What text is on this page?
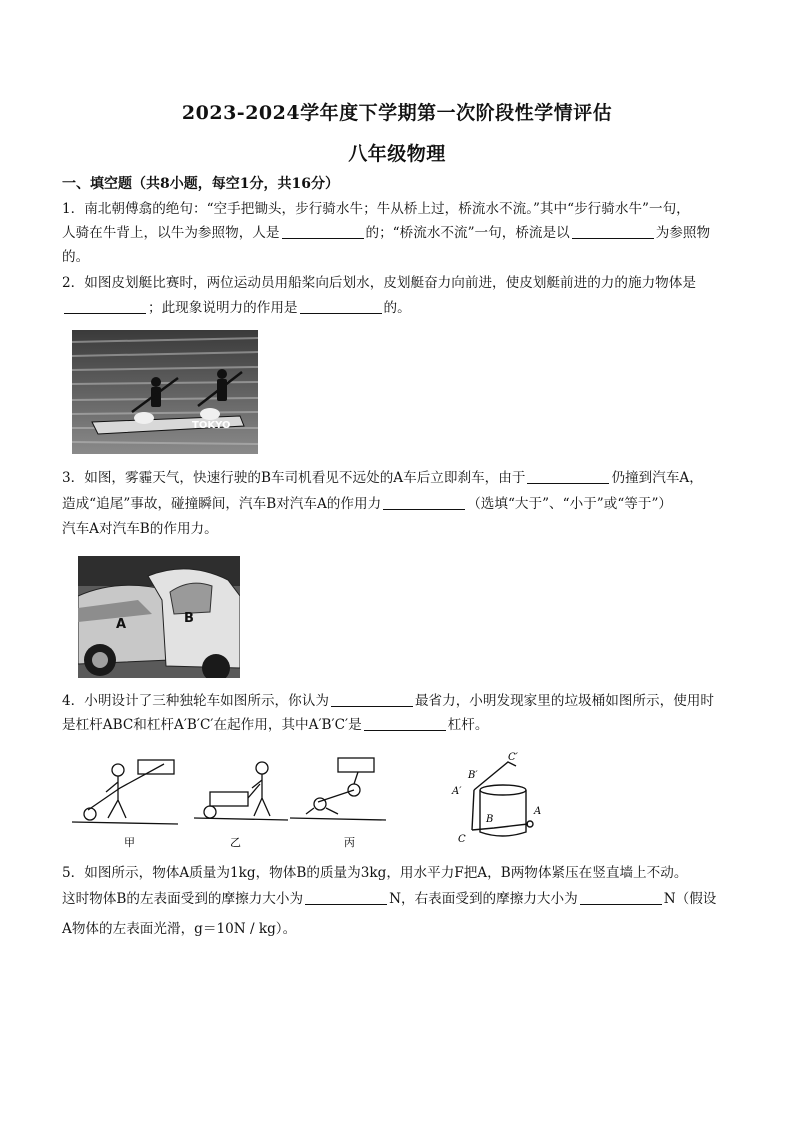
2023-2024学年度下学期第一次阶段性学情评估
八年级物理
一、填空题（共8小题，每空1分，共16分）
1．南北朝傅翕的绝句：“空手把锄头，步行骑水牛；牛从桥上过，桥流水不流。”其中“步行骑水牛”一句，
人骑在牛背上，以牛为参照物，人是	的；“桥流水不流”一句，桥流是以	为参照物
的。
2．如图皮划艇比赛时，两位运动员用船桨向后划水，皮划艇奋力向前进，使皮划艇前进的力的施力物体是
；此现象说明力的作用是	的。
TOKYO
3．如图，雾霾天气，快速行驶的B车司机看见不远处的A车后立即刹车，由于	仍撞到汽车A，
造成“追尾”事故，碰撞瞬间，汽车B对汽车A的作用力	（选填“大于”、“小于”或“等于”）
汽车A对汽车B的作用力。
A	B
4．小明设计了三种独轮车如图所示，你认为	最省力，小明发现家里的垃圾桶如图所示，使用时
是杠杆ABC和杠杆A′B′C′在起作用，其中A′B′C′是	杠杆。
甲	乙	丙
C′
B′
A′
A
B
C
5．如图所示，物体A质量为1kg，物体B的质量为3kg，用水平力F把A，B两物体紧压在竖直墙上不动。
这时物体B的左表面受到的摩擦力大小为	N，右表面受到的摩擦力大小为	N（假设
A物体的左表面光滑，g＝10N / kg）。
